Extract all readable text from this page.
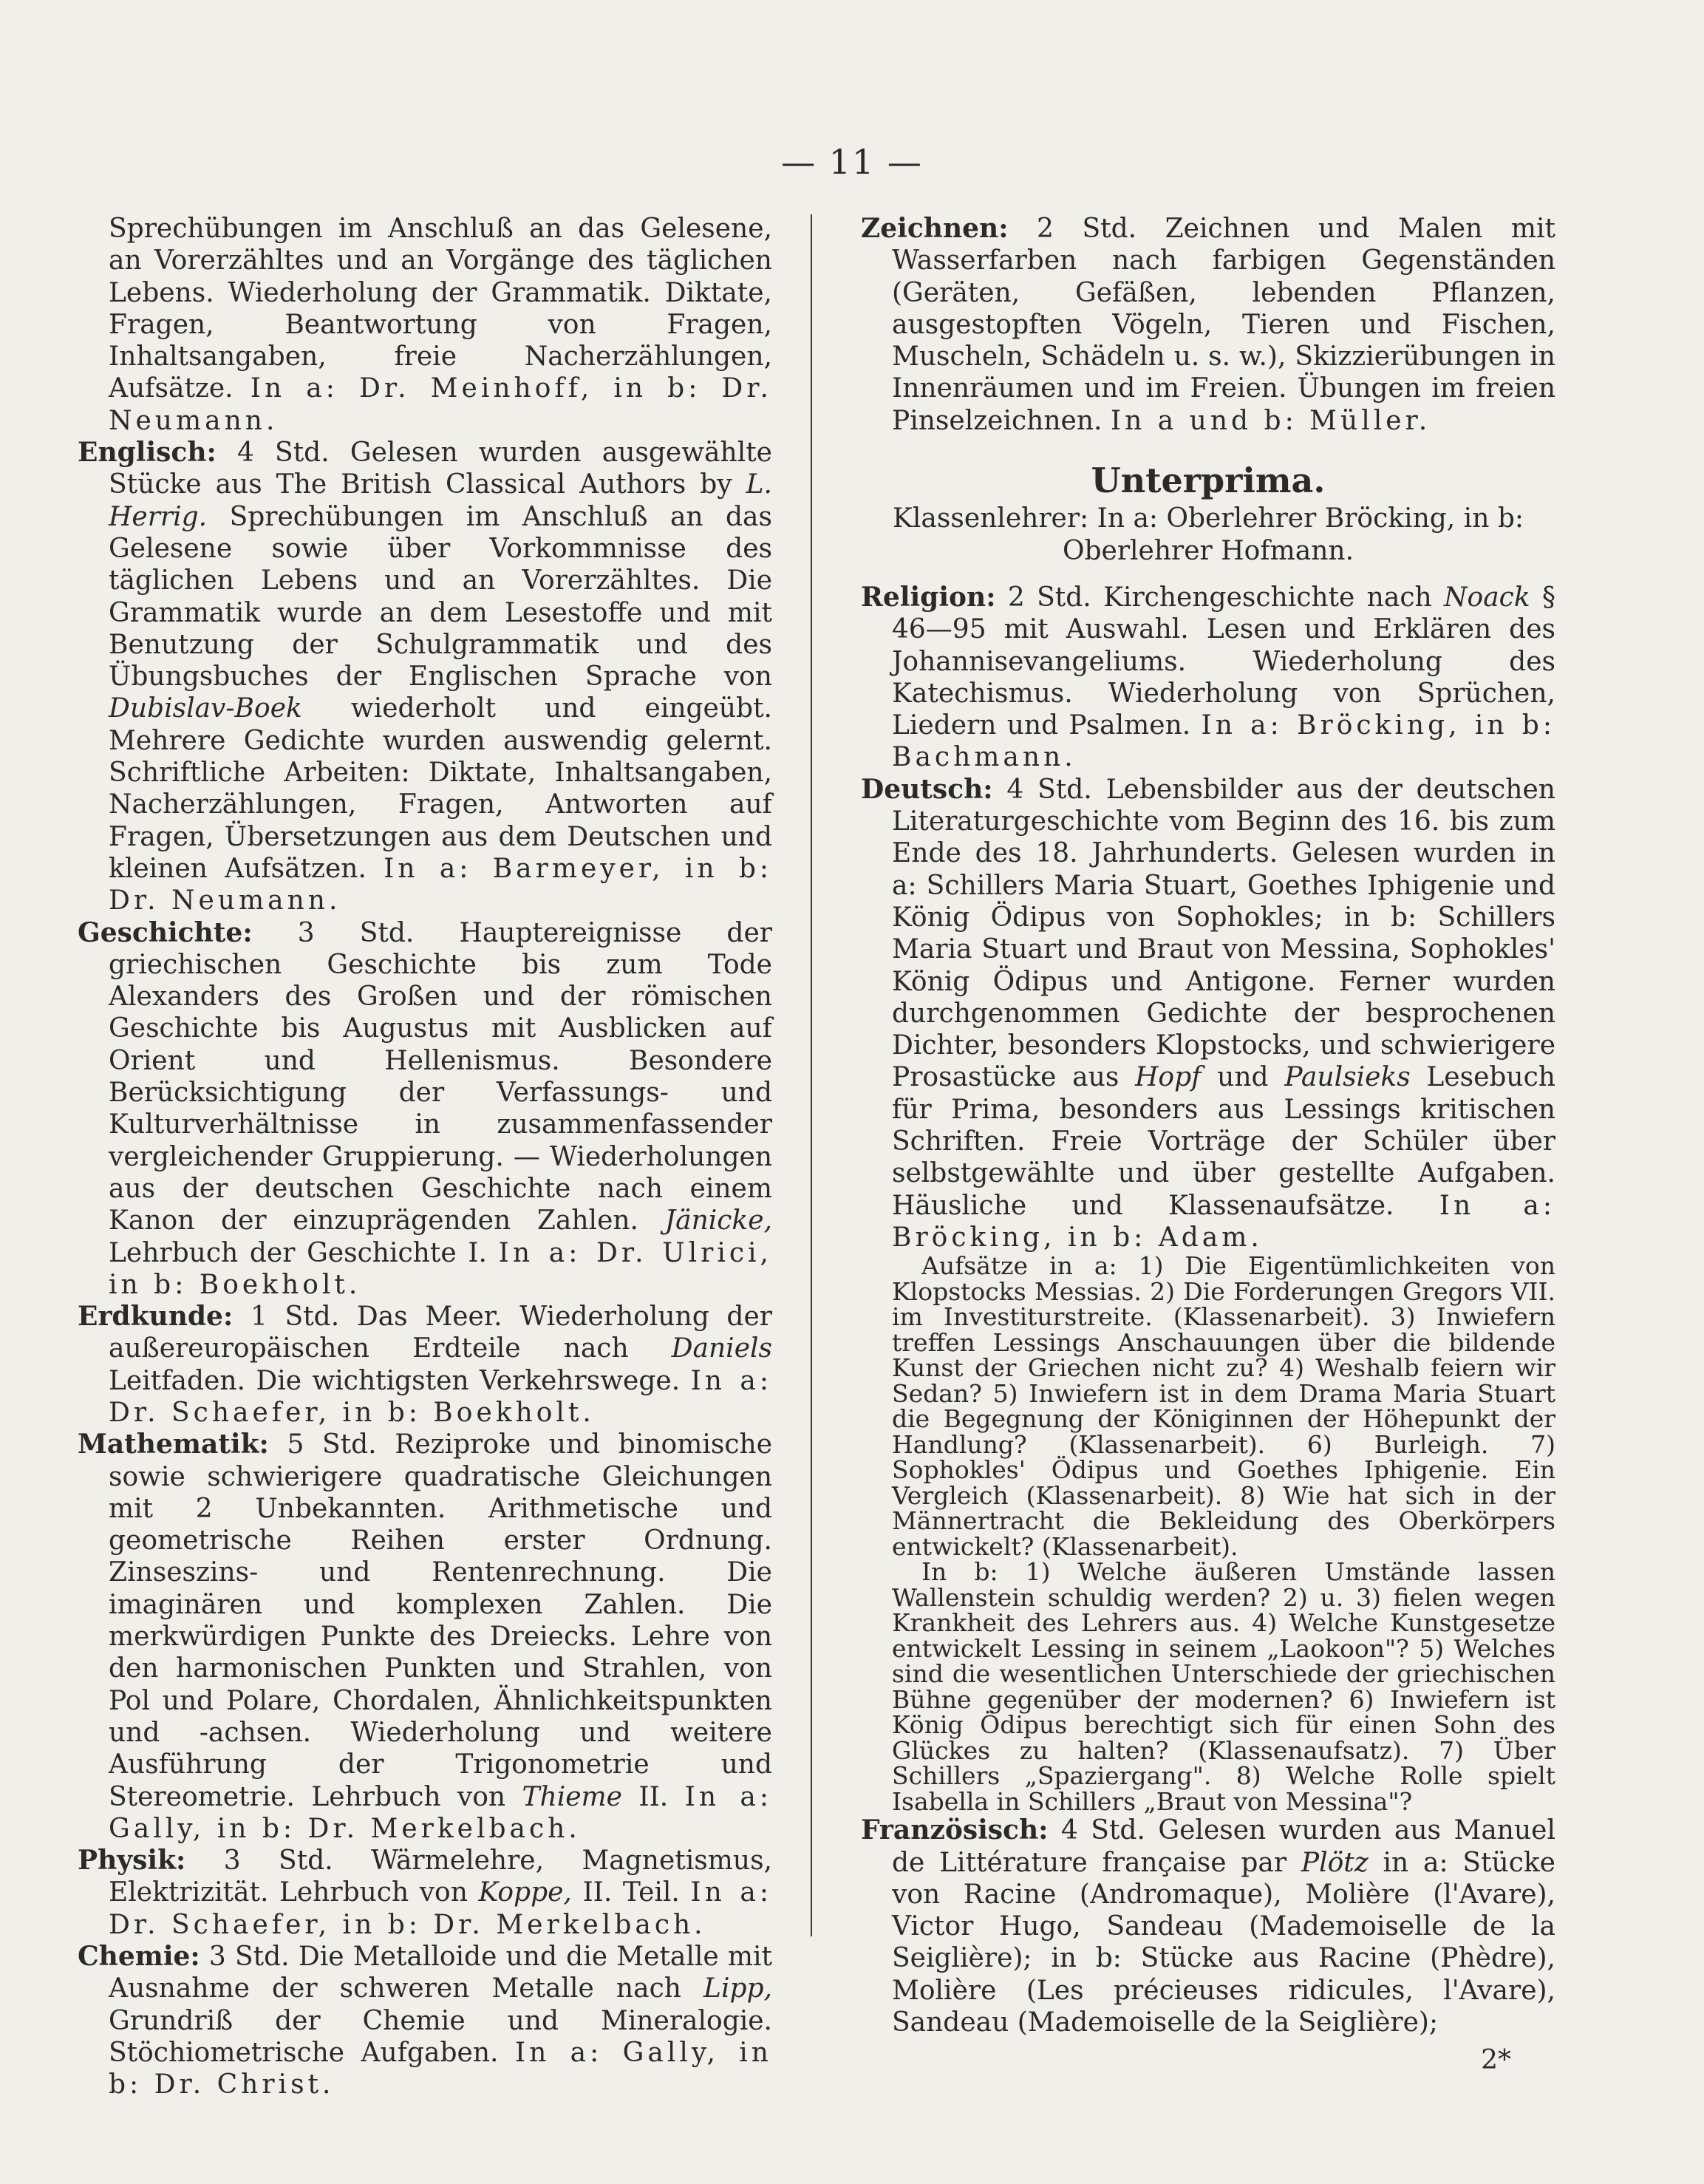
— 11 —
Sprechübungen im Anschluß an das Gelesene, an Vorerzähltes und an Vorgänge des täglichen Lebens. Wiederholung der Grammatik. Diktate, Fragen, Beantwortung von Fragen, Inhaltsangaben, freie Nacherzählungen, Aufsätze. In a: Dr. Meinhoff, in b: Dr. Neumann.
Englisch: 4 Std. Gelesen wurden ausgewählte Stücke aus The British Classical Authors by L. Herrig. Sprechübungen im Anschluß an das Gelesene sowie über Vorkommnisse des täglichen Lebens und an Vorerzähltes. Die Grammatik wurde an dem Lesestoffe und mit Benutzung der Schulgrammatik und des Übungsbuches der Englischen Sprache von Dubislav-Boek wiederholt und eingeübt. Mehrere Gedichte wurden auswendig gelernt. Schriftliche Arbeiten: Diktate, Inhaltsangaben, Nacherzählungen, Fragen, Antworten auf Fragen, Übersetzungen aus dem Deutschen und kleinen Aufsätzen. In a: Barmeyer, in b: Dr. Neumann.
Geschichte: 3 Std. Hauptereignisse der griechischen Geschichte bis zum Tode Alexanders des Großen und der römischen Geschichte bis Augustus mit Ausblicken auf Orient und Hellenismus. Besondere Berücksichtigung der Verfassungs- und Kulturverhältnisse in zusammenfassender vergleichender Gruppierung. — Wiederholungen aus der deutschen Geschichte nach einem Kanon der einzuprägenden Zahlen. Jänicke, Lehrbuch der Geschichte I. In a: Dr. Ulrici, in b: Boekholt.
Erdkunde: 1 Std. Das Meer. Wiederholung der außereuropäischen Erdteile nach Daniels Leitfaden. Die wichtigsten Verkehrswege. In a: Dr. Schaefer, in b: Boekholt.
Mathematik: 5 Std. Reziproke und binomische sowie schwierigere quadratische Gleichungen mit 2 Unbekannten. Arithmetische und geometrische Reihen erster Ordnung. Zinseszins- und Rentenrechnung. Die imaginären und komplexen Zahlen. Die merkwürdigen Punkte des Dreiecks. Lehre von den harmonischen Punkten und Strahlen, von Pol und Polare, Chordalen, Ähnlichkeitspunkten und -achsen. Wiederholung und weitere Ausführung der Trigonometrie und Stereometrie. Lehrbuch von Thieme II. In a: Gally, in b: Dr. Merkelbach.
Physik: 3 Std. Wärmelehre, Magnetismus, Elektrizität. Lehrbuch von Koppe, II. Teil. In a: Dr. Schaefer, in b: Dr. Merkelbach.
Chemie: 3 Std. Die Metalloide und die Metalle mit Ausnahme der schweren Metalle nach Lipp, Grundriß der Chemie und Mineralogie. Stöchiometrische Aufgaben. In a: Gally, in b: Dr. Christ.
Zeichnen: 2 Std. Zeichnen und Malen mit Wasserfarben nach farbigen Gegenständen (Geräten, Gefäßen, lebenden Pflanzen, ausgestopften Vögeln, Tieren und Fischen, Muscheln, Schädeln u. s. w.), Skizzierübungen in Innenräumen und im Freien. Übungen im freien Pinselzeichnen. In a und b: Müller.
Unterprima.
Klassenlehrer: In a: Oberlehrer Bröcking, in b: Oberlehrer Hofmann.
Religion: 2 Std. Kirchengeschichte nach Noack § 46—95 mit Auswahl. Lesen und Erklären des Johannisevangeliums. Wiederholung des Katechismus. Wiederholung von Sprüchen, Liedern und Psalmen. In a: Bröcking, in b: Bachmann.
Deutsch: 4 Std. Lebensbilder aus der deutschen Literaturgeschichte vom Beginn des 16. bis zum Ende des 18. Jahrhunderts. Gelesen wurden in a: Schillers Maria Stuart, Goethes Iphigenie und König Ödipus von Sophokles; in b: Schillers Maria Stuart und Braut von Messina, Sophokles' König Ödipus und Antigone. Ferner wurden durchgenommen Gedichte der besprochenen Dichter, besonders Klopstocks, und schwierigere Prosastücke aus Hopf und Paulsieks Lesebuch für Prima, besonders aus Lessings kritischen Schriften. Freie Vorträge der Schüler über selbstgewählte und über gestellte Aufgaben. Häusliche und Klassenaufsätze. In a: Bröcking, in b: Adam.

Aufsätze in a: 1) Die Eigentümlichkeiten von Klopstocks Messias. 2) Die Forderungen Gregors VII. im Investiturstreite. (Klassenarbeit). 3) Inwiefern treffen Lessings Anschauungen über die bildende Kunst der Griechen nicht zu? 4) Weshalb feiern wir Sedan? 5) Inwiefern ist in dem Drama Maria Stuart die Begegnung der Königinnen der Höhepunkt der Handlung? (Klassenarbeit). 6) Burleigh. 7) Sophokles' Ödipus und Goethes Iphigenie. Ein Vergleich (Klassenarbeit). 8) Wie hat sich in der Männertracht die Bekleidung des Oberkörpers entwickelt? (Klassenarbeit).

In b: 1) Welche äußeren Umstände lassen Wallenstein schuldig werden? 2) u. 3) fielen wegen Krankheit des Lehrers aus. 4) Welche Kunstgesetze entwickelt Lessing in seinem „Laokoon"? 5) Welches sind die wesentlichen Unterschiede der griechischen Bühne gegenüber der modernen? 6) Inwiefern ist König Ödipus berechtigt sich für einen Sohn des Glückes zu halten? (Klassenaufsatz). 7) Über Schillers „Spaziergang". 8) Welche Rolle spielt Isabella in Schillers „Braut von Messina"?

Französisch: 4 Std. Gelesen wurden aus Manuel de Littérature française par Plötz in a: Stücke von Racine (Andromaque), Molière (l'Avare), Victor Hugo, Sandeau (Mademoiselle de la Seiglière); in b: Stücke aus Racine (Phèdre), Molière (Les précieuses ridicules, l'Avare), Sandeau (Mademoiselle de la Seiglière);
2*
